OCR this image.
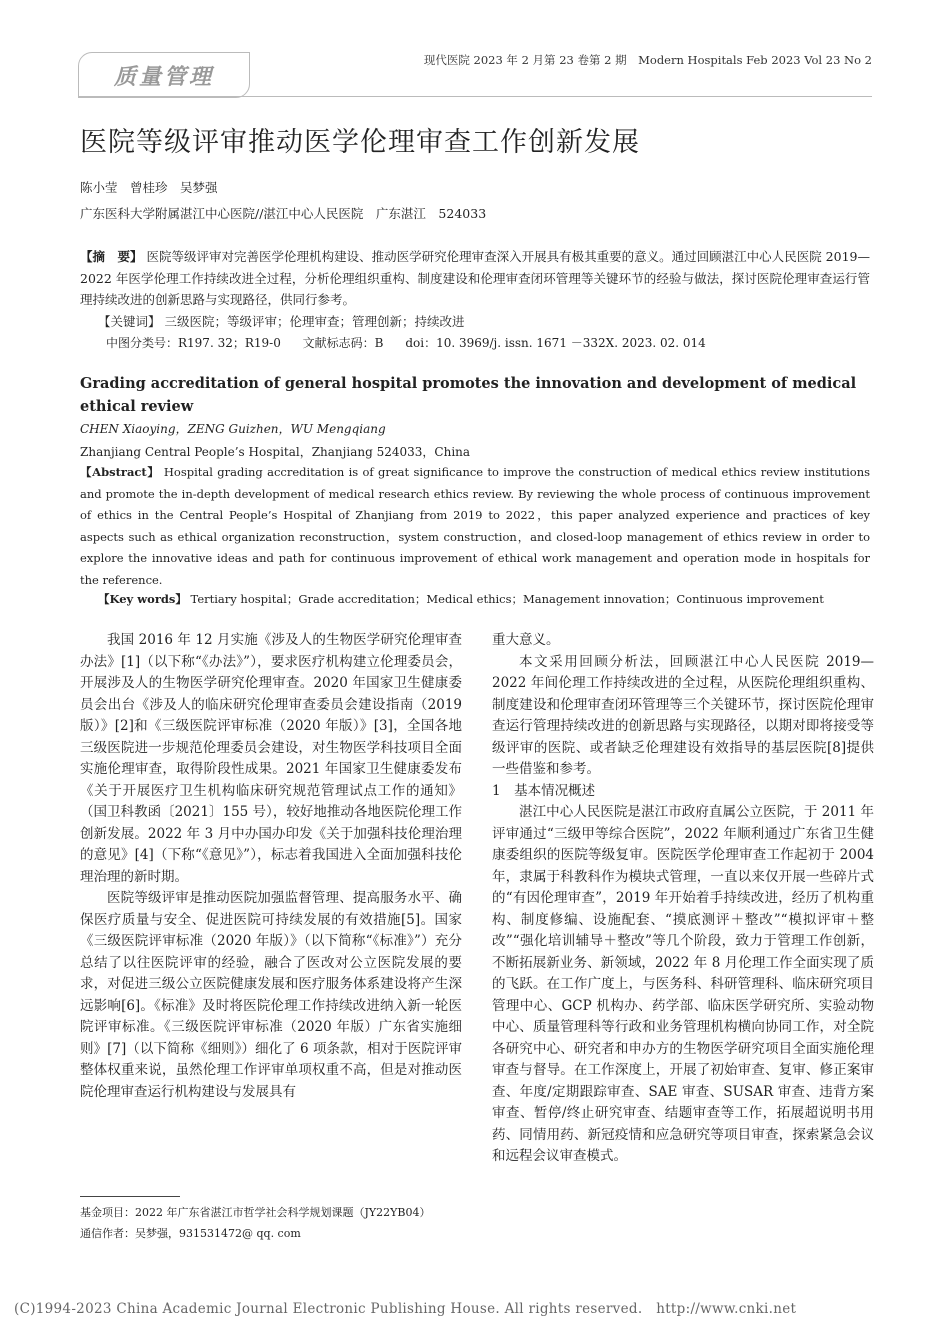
质量管理
现代医院 2023 年 2 月第 23 卷第 2 期　Modern Hospitals Feb 2023 Vol 23 No 2
医院等级评审推动医学伦理审查工作创新发展
陈小莹　曾桂珍　吴梦强
广东医科大学附属湛江中心医院//湛江中心人民医院　广东湛江　524033
【摘　要】 医院等级评审对完善医学伦理机构建设、推动医学研究伦理审查深入开展具有极其重要的意义。通过回顾湛江中心人民医院 2019—2022 年医学伦理工作持续改进全过程，分析伦理组织重构、制度建设和伦理审查闭环管理等关键环节的经验与做法，探讨医院伦理审查运行管理持续改进的创新思路与实现路径，供同行参考。
【关键词】 三级医院；等级评审；伦理审查；管理创新；持续改进
中图分类号：R197. 32；R19-0 文献标志码：B doi：10. 3969/j. issn. 1671 －332X. 2023. 02. 014
Grading accreditation of general hospital promotes the innovation and development of medical ethical review
CHEN Xiaoying，ZENG Guizhen，WU Mengqiang
Zhanjiang Central People’s Hospital，Zhanjiang 524033，China
【Abstract】 Hospital grading accreditation is of great significance to improve the construction of medical ethics review institutions and promote the in-depth development of medical research ethics review. By reviewing the whole process of continuous improvement of ethics in the Central People’s Hospital of Zhanjiang from 2019 to 2022，this paper analyzed experience and practices of key aspects such as ethical organization reconstruction，system construction，and closed-loop management of ethics review in order to explore the innovative ideas and path for continuous improvement of ethical work management and operation mode in hospitals for the reference.
【Key words】 Tertiary hospital；Grade accreditation；Medical ethics；Management innovation；Continuous improvement

我国 2016 年 12 月实施《涉及人的生物医学研究伦理审查办法》[1]（以下称“《办法》”），要求医疗机构建立伦理委员会，开展涉及人的生物医学研究伦理审查。2020 年国家卫生健康委员会出台《涉及人的临床研究伦理审查委员会建设指南（2019 版）》[2]和《三级医院评审标准（2020 年版）》[3]，全国各地三级医院进一步规范伦理委员会建设，对生物医学科技项目全面实施伦理审查，取得阶段性成果。2021 年国家卫生健康委发布《关于开展医疗卫生机构临床研究规范管理试点工作的通知》（国卫科教函〔2021〕155 号），较好地推动各地医院伦理工作创新发展。2022 年 3 月中办国办印发《关于加强科技伦理治理的意见》[4]（下称“《意见》”），标志着我国进入全面加强科技伦理治理的新时期。

医院等级评审是推动医院加强监督管理、提高服务水平、确保医疗质量与安全、促进医院可持续发展的有效措施[5]。国家《三级医院评审标准（2020 年版）》（以下简称“《标准》”）充分总结了以往医院评审的经验，融合了医改对公立医院发展的要求，对促进三级公立医院健康发展和医疗服务体系建设将产生深远影响[6]。《标准》及时将医院伦理工作持续改进纳入新一轮医院评审标准。《三级医院评审标准（2020 年版）广东省实施细则》[7]（以下简称《细则》）细化了 6 项条款，相对于医院评审整体权重来说，虽然伦理工作评审单项权重不高，但是对推动医院伦理审查运行机构建设与发展具有

重大意义。

本文采用回顾分析法，回顾湛江中心人民医院 2019—2022 年间伦理工作持续改进的全过程，从医院伦理组织重构、制度建设和伦理审查闭环管理等三个关键环节，探讨医院伦理审查运行管理持续改进的创新思路与实现路径，以期对即将接受等级评审的医院、或者缺乏伦理建设有效指导的基层医院[8]提供一些借鉴和参考。

1　基本情况概述

湛江中心人民医院是湛江市政府直属公立医院，于 2011 年评审通过“三级甲等综合医院”，2022 年顺利通过广东省卫生健康委组织的医院等级复审。医院医学伦理审查工作起初于 2004 年，隶属于科教科作为模块式管理，一直以来仅开展一些碎片式的“有因伦理审查”，2019 年开始着手持续改进，经历了机构重构、制度修编、设施配套、“摸底测评＋整改”“模拟评审＋整改”“强化培训辅导＋整改”等几个阶段，致力于管理工作创新，不断拓展新业务、新领域，2022 年 8 月伦理工作全面实现了质的飞跃。在工作广度上，与医务科、科研管理科、临床研究项目管理中心、GCP 机构办、药学部、临床医学研究所、实验动物中心、质量管理科等行政和业务管理机构横向协同工作，对全院各研究中心、研究者和申办方的生物医学研究项目全面实施伦理审查与督导。在工作深度上，开展了初始审查、复审、修正案审查、年度/定期跟踪审查、SAE 审查、SUSAR 审查、违背方案审查、暂停/终止研究审查、结题审查等工作，拓展超说明书用药、同情用药、新冠疫情和应急研究等项目审查，探索紧急会议和远程会议审查模式。

基金项目：2022 年广东省湛江市哲学社会科学规划课题（JY22YB04）
通信作者：吴梦强，931531472@ qq. com
(C)1994-2023 China Academic Journal Electronic Publishing House. All rights reserved.　http://www.cnki.net
